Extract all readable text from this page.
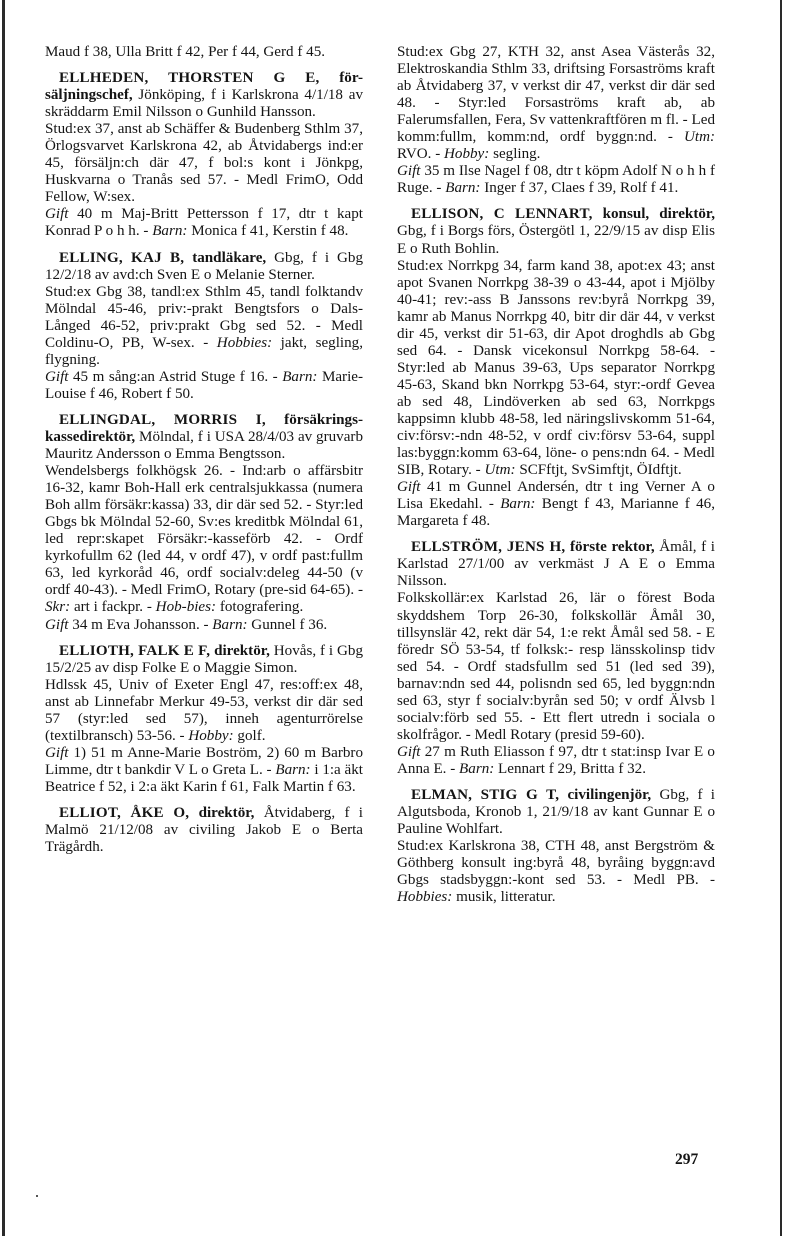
Maud f 38, Ulla Britt f 42, Per f 44, Gerd f 45.

ELLHEDEN, THORSTEN G E, för-säljningschef, Jönköping, f i Karlskrona 4/1/18 av skräddarm Emil Nilsson o Gunhild Hansson.

Stud:ex 37, anst ab Schäffer & Budenberg Sthlm 37, Örlogsvarvet Karlskrona 42, ab Åtvidabergs ind:er 45, försäljn:ch där 47, f bol:s kont i Jönkpg, Huskvarna o Tranås sed 57. - Medl FrimO, Odd Fellow, W:sex.

Gift 40 m Maj-Britt Pettersson f 17, dtr t kapt Konrad P o h h. - Barn: Monica f 41, Kerstin f 48.

ELLING, KAJ B, tandläkare, Gbg, f i Gbg 12/2/18 av avd:ch Sven E o Melanie Sterner.

Stud:ex Gbg 38, tandl:ex Sthlm 45, tandl folktandv Mölndal 45-46, priv:-prakt Bengtsfors o Dals-Långed 46-52, priv:prakt Gbg sed 52. - Medl Coldinu-O, PB, W-sex. - Hobbies: jakt, segling, flygning.

Gift 45 m sång:an Astrid Stuge f 16. - Barn: Marie-Louise f 46, Robert f 50.

ELLINGDAL, MORRIS I, försäkrings-kassedirektör, Mölndal, f i USA 28/4/03 av gruvarb Mauritz Andersson o Emma Bengtsson.

Wendelsbergs folkhögsk 26. - Ind:arb o affärsbitr 16-32, kamr Boh-Hall erk centralsjukkassa (numera Boh allm försäkr:kassa) 33, dir där sed 52. - Styr:led Gbgs bk Mölndal 52-60, Sv:es kreditbk Mölndal 61, led repr:skapet Försäkr:-kasseförb 42. - Ordf kyrkofullm 62 (led 44, v ordf 47), v ordf past:fullm 63, led kyrkoråd 46, ordf socialv:deleg 44-50 (v ordf 40-43). - Medl FrimO, Rotary (pre-sid 64-65). - Skr: art i fackpr. - Hob-bies: fotografering.

Gift 34 m Eva Johansson. - Barn: Gunnel f 36.

ELLIOTH, FALK E F, direktör, Hovås, f i Gbg 15/2/25 av disp Folke E o Maggie Simon.

Hdlssk 45, Univ of Exeter Engl 47, res:off:ex 48, anst ab Linnefabr Merkur 49-53, verkst dir där sed 57 (styr:led sed 57), inneh agenturrörelse (textilbransch) 53-56. - Hobby: golf.

Gift 1) 51 m Anne-Marie Boström, 2) 60 m Barbro Limme, dtr t bankdir V L o Greta L. - Barn: i 1:a äkt Beatrice f 52, i 2:a äkt Karin f 61, Falk Martin f 63.

ELLIOT, ÅKE O, direktör, Åtvidaberg, f i Malmö 21/12/08 av civiling Jakob E o Berta Trägårdh.

Stud:ex Gbg 27, KTH 32, anst Asea Västerås 32, Elektroskandia Sthlm 33, driftsing Forsaströms kraft ab Åtvidaberg 37, v verkst dir 47, verkst dir där sed 48. - Styr:led Forsaströms kraft ab, ab Falerumsfallen, Fera, Sv vattenkraftfören m fl. - Led komm:fullm, komm:nd, ordf byggn:nd. - Utm: RVO. - Hobby: segling.

Gift 35 m Ilse Nagel f 08, dtr t köpm Adolf N o h h f Ruge. - Barn: Inger f 37, Claes f 39, Rolf f 41.

ELLISON, C LENNART, konsul, direktör, Gbg, f i Borgs förs, Östergötl 1, 22/9/15 av disp Elis E o Ruth Bohlin.

Stud:ex Norrkpg 34, farm kand 38, apot:ex 43; anst apot Svanen Norrkpg 38-39 o 43-44, apot i Mjölby 40-41; rev:-ass B Janssons rev:byrå Norrkpg 39, kamr ab Manus Norrkpg 40, bitr dir där 44, v verkst dir 45, verkst dir 51-63, dir Apot droghdls ab Gbg sed 64. - Dansk vicekonsul Norrkpg 58-64. - Styr:led ab Manus 39-63, Ups separator Norrkpg 45-63, Skand bkn Norrkpg 53-64, styr:-ordf Gevea ab sed 48, Lindöverken ab sed 63, Norrkpgs kappsimn klubb 48-58, led näringslivskomm 51-64, civ:försv:-ndn 48-52, v ordf civ:försv 53-64, suppl las:byggn:komm 63-64, löne- o pens:ndn 64. - Medl SIB, Rotary. - Utm: SCFftjt, SvSimftjt, ÖIdftjt.

Gift 41 m Gunnel Andersén, dtr t ing Verner A o Lisa Ekedahl. - Barn: Bengt f 43, Marianne f 46, Margareta f 48.

ELLSTRÖM, JENS H, förste rektor, Åmål, f i Karlstad 27/1/00 av verkmäst J A E o Emma Nilsson.

Folkskollär:ex Karlstad 26, lär o förest Boda skyddshem Torp 26-30, folkskollär Åmål 30, tillsynslär 42, rekt där 54, 1:e rekt Åmål sed 58. - E föredr SÖ 53-54, tf folksk:- resp länsskolinsp tidv sed 54. - Ordf stadsfullm sed 51 (led sed 39), barnav:ndn sed 44, polisndn sed 65, led byggn:ndn sed 63, styr f socialv:byrån sed 50; v ordf Älvsb l socialv:förb sed 55. - Ett flert utredn i sociala o skolfrågor. - Medl Rotary (presid 59-60).

Gift 27 m Ruth Eliasson f 97, dtr t stat:insp Ivar E o Anna E. - Barn: Lennart f 29, Britta f 32.

ELMAN, STIG G T, civilingenjör, Gbg, f i Algutsboda, Kronob 1, 21/9/18 av kant Gunnar E o Pauline Wohlfart.

Stud:ex Karlskrona 38, CTH 48, anst Bergström & Göthberg konsult ing:byrå 48, byråing byggn:avd Gbgs stadsbyggn:-kont sed 53. - Medl PB. - Hobbies: musik, litteratur.

297
